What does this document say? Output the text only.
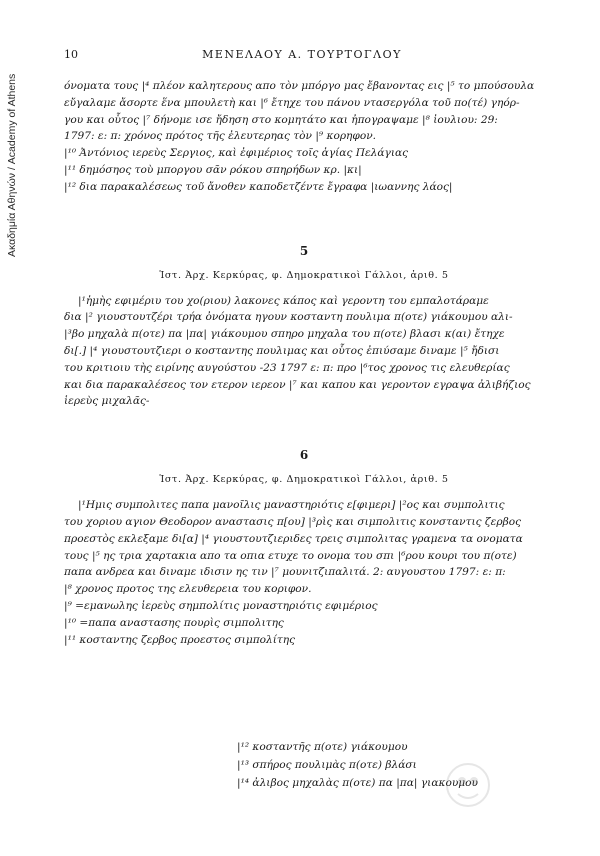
Ακαδημία Αθηνών / Academy of Athens
10	ΜΕΝΕΛΑΟΥ Α. ΤΟΥΡΤΟΓΛΟΥ

όνοματα τους |⁴ πλέον καλητερους απο τὸν μπόργο μας ἔβανοντας εις |⁵ το μπούσουλα

εὔγαλαμε ἄσορτε ἕνα μπουλετὴ και |⁶ ἔτηχε του πάνου ντασεργόλα τοῦ πο(τέ) γηόρ-

γου και οὗτος |⁷ δήνομε ισε ἤδηση στο κομητάτο και ἠπογραψαμε |⁸ ἰουλιου: 29:

1797: ε: π: χρόνος πρότος τῆς ἐλευτερηας τὸν |⁹ κορηφον.

|¹⁰ Ἀντόνιος ιερεὺς Σεργιος, καὶ ἐφιμέριος τοῖς ἁγίας Πελάγιας

|¹¹ δημόσηος τοὺ μποργου σᾶν ρόκου σπηρήδων κρ. |κι|

|¹² δια παρακαλέσεως τοῦ ἄνοθεν καποδετζέντε ἔγραφα |ιωαννης λάος|

5
Ἱστ. Ἀρχ. Κερκύρας, φ. Δημοκρατικοὶ Γάλλοι, ἀριθ. 5

|¹ἡμὴς εφιμέριυ του χο(ριου) λακονες κάπος καὶ γεροντη του εμπαλοτάραμε

δια |² γιουστουτζέρι τρήα ὀνόματα ηγουν κοσταντη πουλιμα π(οτε) γιάκουμου αλι-

|³βο μηχαλὰ π(οτε) πα |πα| γιάκουμου σπηρο μηχαλα του π(οτε) βλασι κ(αι) ἔτηχε

δι[.] |⁴ γιουστουτζιερι ο κοσταντης πουλιμας και οὗτος ἐπιύσαμε διναμε |⁵ ἤδισι

του κριτιοιυ τὴς ειρίνης αυγούστου -23 1797 ε: π: προ |⁶τος χρονος τις ελευθερίας

και δια παρακαλέσεος τον ετερον ιερεον |⁷ και καπου και γεροντον εγραψα ἀλιβήζιος

ἱερεὺς μιχαλᾶς-

6
Ἱστ. Ἀρχ. Κερκύρας, φ. Δημοκρατικοὶ Γάλλοι, ἀριθ. 5

|¹Ημις συμπολιτες παπα μανοῖλις μαναστηριότις ε[φιμερι] |²ος και συμπολιτις

του χοριου αγιον Θεοδορον αναστασις π[ου] |³ρὶς και σιμπολιτις κονσταντις ζερβος

προεστὸς εκλεξαμε δι[α] |⁴ γιουστουτζιεριδες τρεις σιμπολιτας γραμενα τα ονοματα

τους |⁵ ης τρια χαρτακια απο τα οπια ετυχε το ονομα του σπι |⁶ρου κουρι του π(οτε)

παπα ανδρεα και διναμε ιδισιν ης τιν |⁷ μουνιτζιπαλιτά. 2: αυγουστου 1797: ε: π:

|⁸ χρονος προτος της ελευθερεια του κοριφον.

|⁹ =εμανωλης ἱερεὺς σημπολίτις μοναστηριότις εφιμέριος

|¹⁰ =παπα αναστασης πουρὶς σιμπολιτης

|¹¹ κοσταντης ζερβος προεστος σιμπολίτης

|¹² κοσταντῆς π(οτε) γιάκουμου

|¹³ σπήρος πουλιμὰς π(οτε) βλάσι

|¹⁴ ἀλιβος μηχαλὰς π(οτε) πα |πα| γιακουμου
